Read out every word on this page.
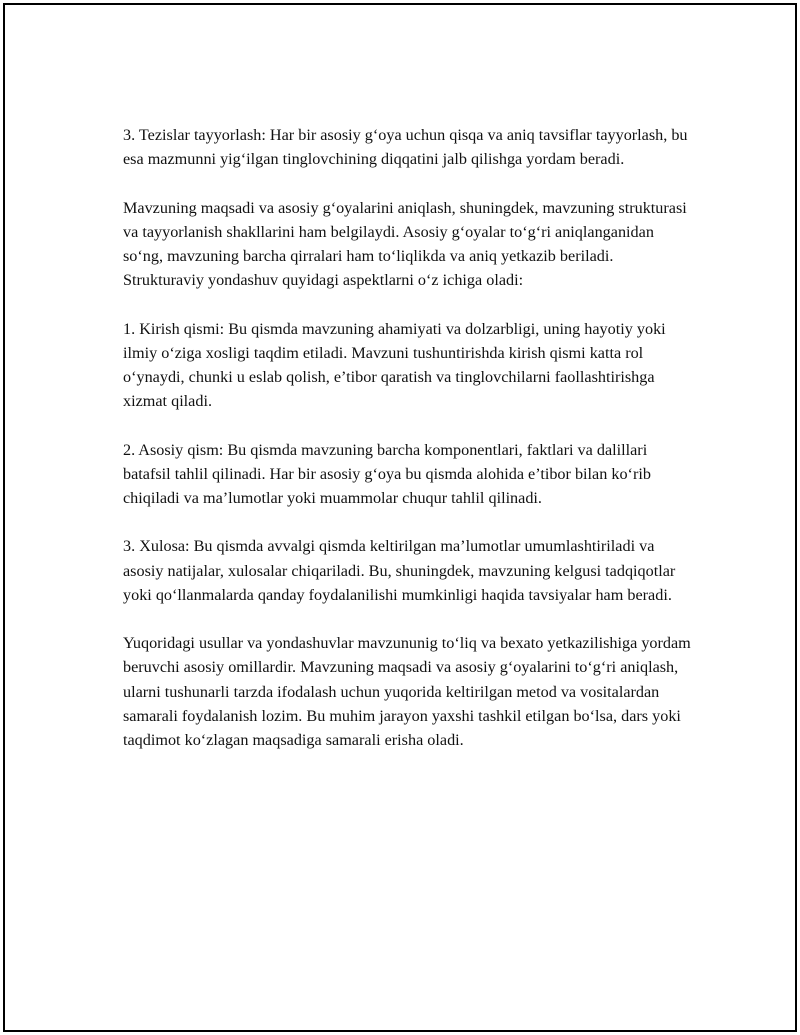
3. Tezislar tayyorlash: Har bir asosiy g‘oya uchun qisqa va aniq tavsiflar tayyorlash, bu esa mazmunni yig‘ilgan tinglovchining diqqatini jalb qilishga yordam beradi.

Mavzuning maqsadi va asosiy g‘oyalarini aniqlash, shuningdek, mavzuning strukturasi va tayyorlanish shakllarini ham belgilaydi. Asosiy g‘oyalar to‘g‘ri aniqlanganidan so‘ng, mavzuning barcha qirralari ham to‘liqlikda va aniq yetkazib beriladi. Strukturaviy yondashuv quyidagi aspektlarni o‘z ichiga oladi:

1. Kirish qismi: Bu qismda mavzuning ahamiyati va dolzarbligi, uning hayotiy yoki ilmiy o‘ziga xosligi taqdim etiladi. Mavzuni tushuntirishda kirish qismi katta rol o‘ynaydi, chunki u eslab qolish, e’tibor qaratish va tinglovchilarni faollashtirishga xizmat qiladi.

2. Asosiy qism: Bu qismda mavzuning barcha komponentlari, faktlari va dalillari batafsil tahlil qilinadi. Har bir asosiy g‘oya bu qismda alohida e’tibor bilan ko‘rib chiqiladi va ma’lumotlar yoki muammolar chuqur tahlil qilinadi.

3. Xulosa: Bu qismda avvalgi qismda keltirilgan ma’lumotlar umumlashtiriladi va asosiy natijalar, xulosalar chiqariladi. Bu, shuningdek, mavzuning kelgusi tadqiqotlar yoki qo‘llanmalarda qanday foydalanilishi mumkinligi haqida tavsiyalar ham beradi.

Yuqoridagi usullar va yondashuvlar mavzununig to‘liq va bexato yetkazilishiga yordam beruvchi asosiy omillardir. Mavzuning maqsadi va asosiy g‘oyalarini to‘g‘ri aniqlash, ularni tushunarli tarzda ifodalash uchun yuqorida keltirilgan metod va vositalardan samarali foydalanish lozim. Bu muhim jarayon yaxshi tashkil etilgan bo‘lsa, dars yoki taqdimot ko‘zlagan maqsadiga samarali erisha oladi.
